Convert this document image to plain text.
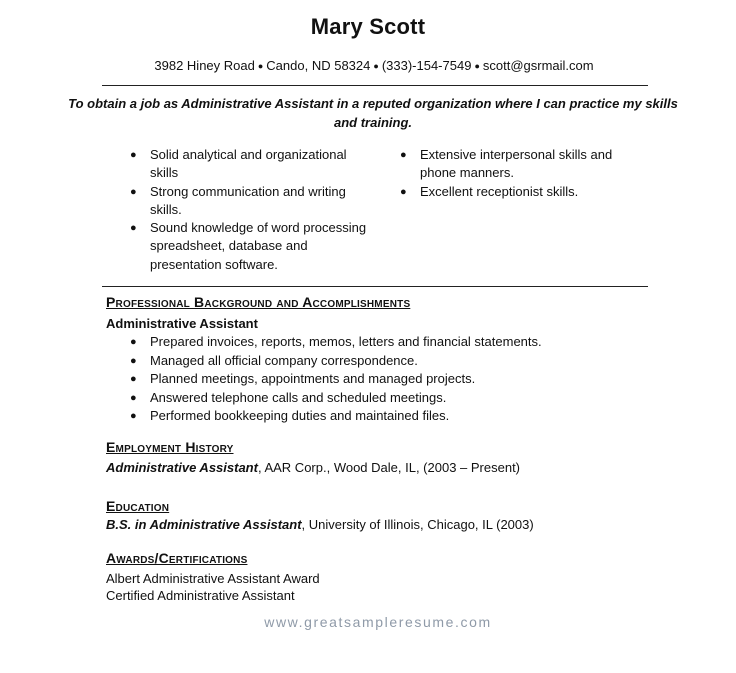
Mary Scott
3982 Hiney Road ● Cando, ND 58324 ● (333)-154-7549 ● scott@gsrmail.com
To obtain a job as Administrative Assistant in a reputed organization where I can practice my skills and training.
● Solid analytical and organizational
skills
● Strong communication and writing
skills.
● Sound knowledge of word processing
spreadsheet, database and
presentation software.
● Extensive interpersonal skills and
phone manners.
● Excellent receptionist skills.
Professional Background and Accomplishments
Administrative Assistant
● Prepared invoices, reports, memos, letters and financial statements.
● Managed all official company correspondence.
● Planned meetings, appointments and managed projects.
● Answered telephone calls and scheduled meetings.
● Performed bookkeeping duties and maintained files.
Employment History
Administrative Assistant, AAR Corp., Wood Dale, IL, (2003 – Present)
Education
B.S. in Administrative Assistant, University of Illinois, Chicago, IL (2003)
Awards/Certifications
Albert Administrative Assistant Award
Certified Administrative Assistant
www.greatsampleresume.com
